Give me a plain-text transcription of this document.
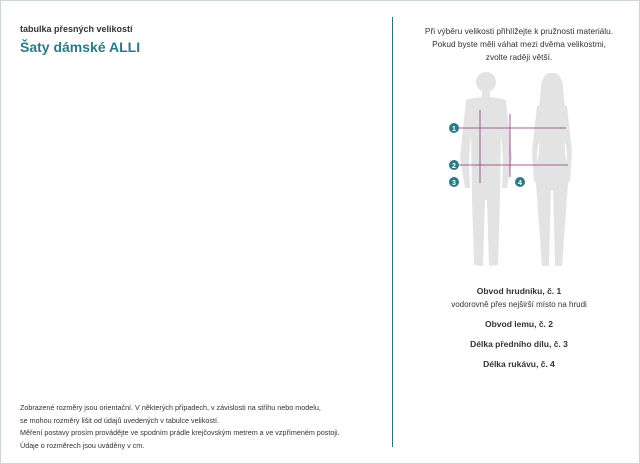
tabulka přesných velikostí
Šaty dámské ALLI
Zobrazené rozměry jsou orientační. V některých případech, v závislosti na střihu nebo modelu,
se mohou rozměry lišit od údajů uvedených v tabulce velikostí.
Měření postavy prosím provádějte ve spodním prádle krejčovským metrem a ve vzpřímeném postoji.
Údaje o rozměrech jsou uváděny v cm.
Při výběru velikosti přihlížejte k pružnosti materiálu.
Pokud byste měli váhat mezi dvěma velikostmi,
zvolte raději větší.
1
2
3	4
Obvod hrudníku, č. 1
vodorovně přes nejširší místo na hrudi
Obvod lemu, č. 2
Délka předního dílu, č. 3
Délka rukávu, č. 4
